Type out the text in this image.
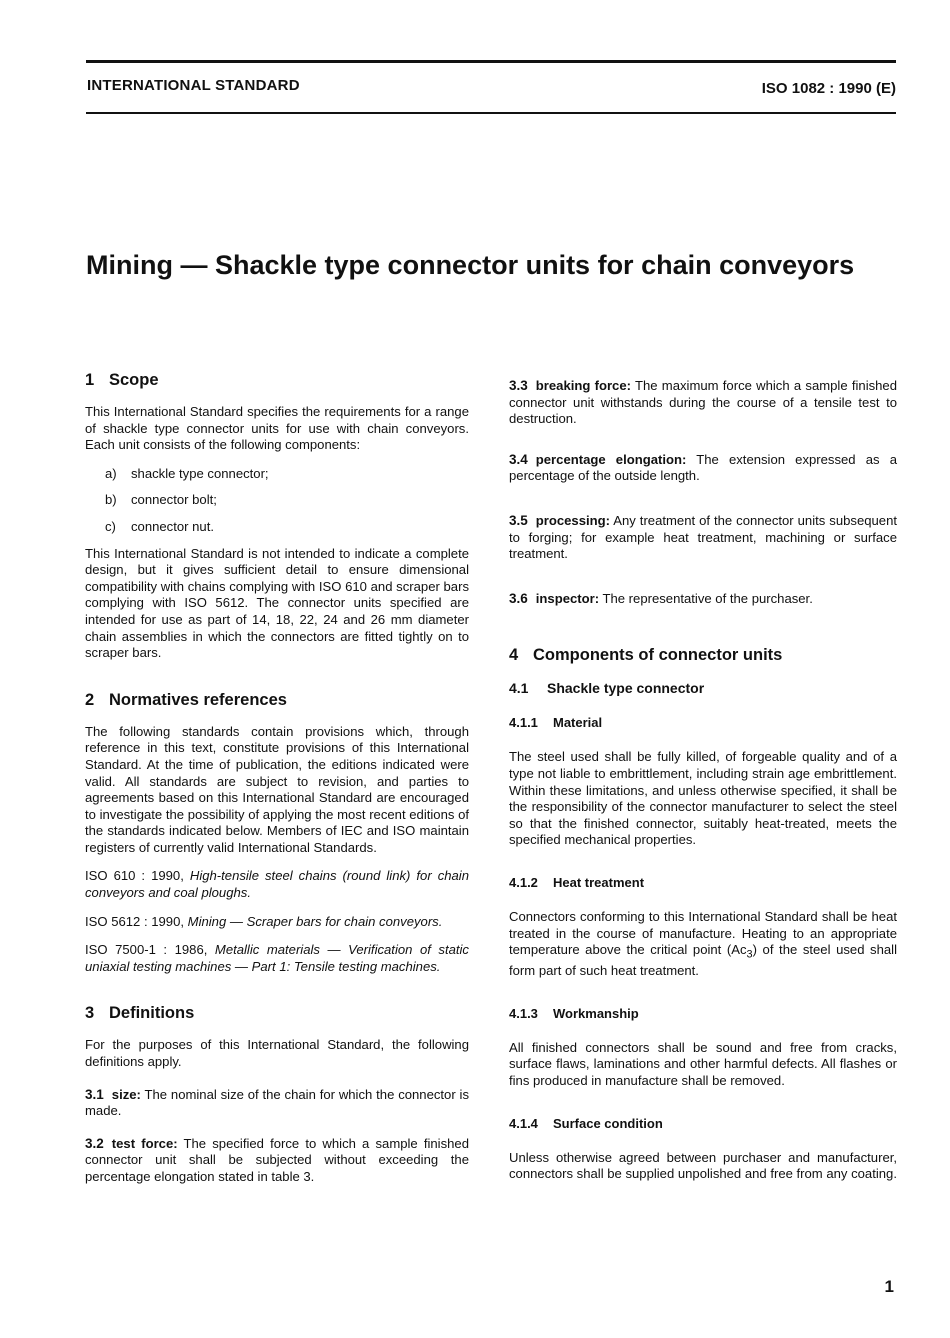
INTERNATIONAL STANDARD	ISO 1082 : 1990 (E)
Mining — Shackle type connector units for chain conveyors
1 Scope

This International Standard specifies the requirements for a range of shackle type connector units for use with chain conveyors. Each unit consists of the following components:

a) shackle type connector;
b) connector bolt;
c) connector nut.

This International Standard is not intended to indicate a complete design, but it gives sufficient detail to ensure dimensional compatibility with chains complying with ISO 610 and scraper bars complying with ISO 5612. The connector units specified are intended for use as part of 14, 18, 22, 24 and 26 mm diameter chain assemblies in which the connectors are fitted tightly on to scraper bars.

2 Normatives references

The following standards contain provisions which, through reference in this text, constitute provisions of this International Standard. At the time of publication, the editions indicated were valid. All standards are subject to revision, and parties to agreements based on this International Standard are encouraged to investigate the possibility of applying the most recent editions of the standards indicated below. Members of IEC and ISO maintain registers of currently valid International Standards.

ISO 610 : 1990, High-tensile steel chains (round link) for chain conveyors and coal ploughs.

ISO 5612 : 1990, Mining — Scraper bars for chain conveyors.

ISO 7500-1 : 1986, Metallic materials — Verification of static uniaxial testing machines — Part 1: Tensile testing machines.

3 Definitions

For the purposes of this International Standard, the following definitions apply.

3.1 size: The nominal size of the chain for which the connector is made.

3.2 test force: The specified force to which a sample finished connector unit shall be subjected without exceeding the percentage elongation stated in table 3.

3.3 breaking force: The maximum force which a sample finished connector unit withstands during the course of a tensile test to destruction.

3.4 percentage elongation: The extension expressed as a percentage of the outside length.

3.5 processing: Any treatment of the connector units subsequent to forging; for example heat treatment, machining or surface treatment.

3.6 inspector: The representative of the purchaser.

4 Components of connector units
4.1 Shackle type connector
4.1.1 Material

The steel used shall be fully killed, of forgeable quality and of a type not liable to embrittlement, including strain age embrittlement. Within these limitations, and unless otherwise specified, it shall be the responsibility of the connector manufacturer to select the steel so that the finished connector, suitably heat-treated, meets the specified mechanical properties.

4.1.2 Heat treatment

Connectors conforming to this International Standard shall be heat treated in the course of manufacture. Heating to an appropriate temperature above the critical point $(Ac_3)$ of the steel used shall form part of such heat treatment.

4.1.3 Workmanship

All finished connectors shall be sound and free from cracks, surface flaws, laminations and other harmful defects. All flashes or fins produced in manufacture shall be removed.

4.1.4 Surface condition

Unless otherwise agreed between purchaser and manufacturer, connectors shall be supplied unpolished and free from any coating.

1
